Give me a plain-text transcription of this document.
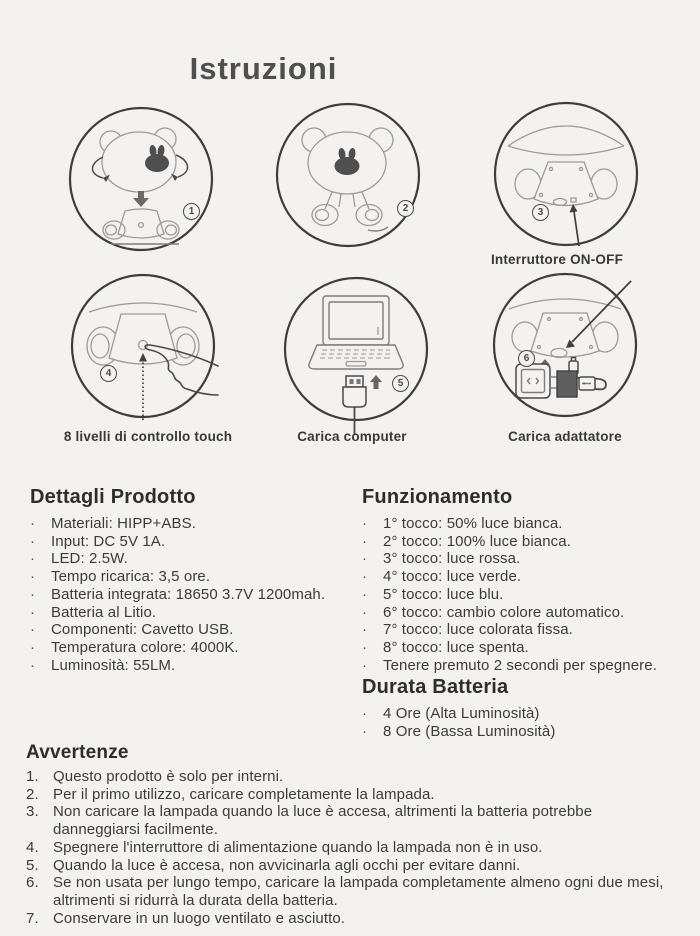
Istruzioni
1	2	3
Interruttore ON-OFF
4
8 livelli di controllo touch
5
Carica computer
6
Carica adattatore
Dettagli Prodotto
·	Materiali: HIPP+ABS.
·	Input: DC 5V 1A.
·	LED: 2.5W.
·	Tempo ricarica: 3,5 ore.
·	Batteria integrata: 18650 3.7V 1200mah.
·	Batteria al Litio.
·	Componenti: Cavetto USB.
·	Temperatura colore: 4000K.
·	Luminosità: 55LM.
Funzionamento
·	1° tocco: 50% luce bianca.
·	2° tocco: 100% luce bianca.
·	3° tocco: luce rossa.
·	4° tocco: luce verde.
·	5° tocco: luce blu.
·	6° tocco: cambio colore automatico.
·	7° tocco: luce colorata fissa.
·	8° tocco: luce spenta.
·	Tenere premuto 2 secondi per spegnere.
Durata Batteria
·	4 Ore (Alta Luminosità)
·	8 Ore (Bassa Luminosità)
Avvertenze
1. Questo prodotto è solo per interni.
2. Per il primo utilizzo, caricare completamente la lampada.
3. Non caricare la lampada quando la luce è accesa, altrimenti la batteria potrebbe danneggiarsi facilmente.
4. Spegnere l'interruttore di alimentazione quando la lampada non è in uso.
5. Quando la luce è accesa, non avvicinarla agli occhi per evitare danni.
6. Se non usata per lungo tempo, caricare la lampada completamente almeno ogni due mesi, altrimenti si ridurrà la durata della batteria.
7. Conservare in un luogo ventilato e asciutto.
